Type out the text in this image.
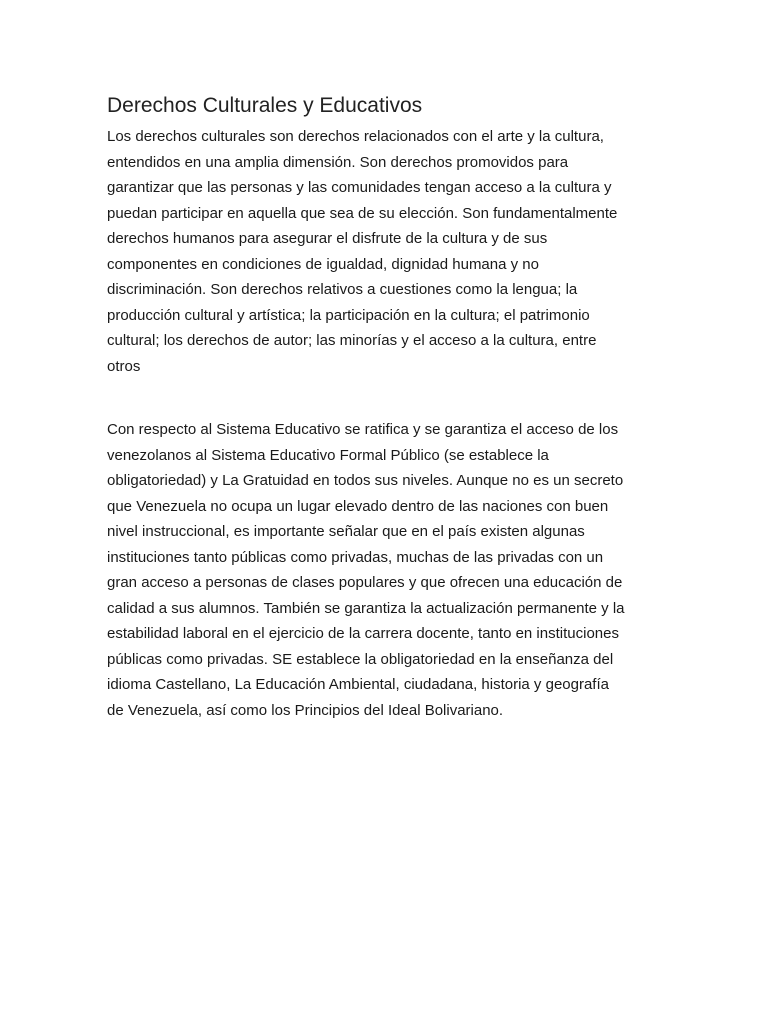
Derechos Culturales y Educativos

Los derechos culturales son derechos relacionados con el arte y la cultura,
entendidos en una amplia dimensión. Son derechos promovidos para
garantizar que las personas y las comunidades tengan acceso a la cultura y
puedan participar en aquella que sea de su elección. Son fundamentalmente
derechos humanos para asegurar el disfrute de la cultura y de sus
componentes en condiciones de igualdad, dignidad humana y no
discriminación. Son derechos relativos a cuestiones como la lengua; la
producción cultural y artística; la participación en la cultura; el patrimonio
cultural; los derechos de autor; las minorías y el acceso a la cultura, entre
otros

Con respecto al Sistema Educativo se ratifica y se garantiza el acceso de los
venezolanos al Sistema Educativo Formal Público (se establece la
obligatoriedad) y La Gratuidad en todos sus niveles. Aunque no es un secreto
que Venezuela no ocupa un lugar elevado dentro de las naciones con buen
nivel instruccional, es importante señalar que en el país existen algunas
instituciones tanto públicas como privadas, muchas de las privadas con un
gran acceso a personas de clases populares y que ofrecen una educación de
calidad a sus alumnos. También se garantiza la actualización permanente y la
estabilidad laboral en el ejercicio de la carrera docente, tanto en instituciones
públicas como privadas. SE establece la obligatoriedad en la enseñanza del
idioma Castellano, La Educación Ambiental, ciudadana, historia y geografía
de Venezuela, así como los Principios del Ideal Bolivariano.
